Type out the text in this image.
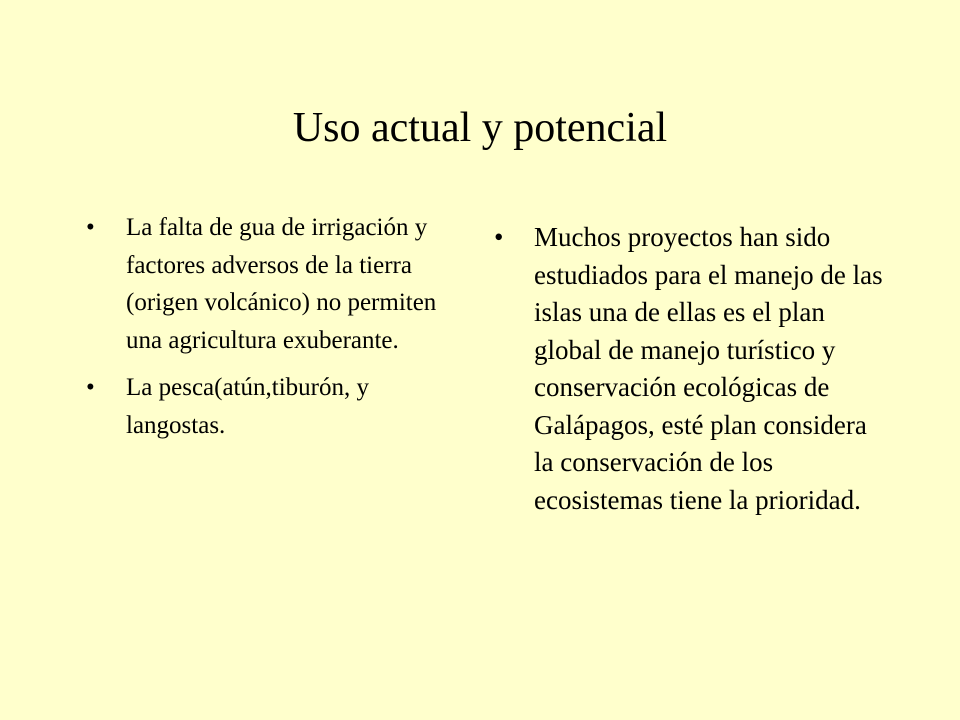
Uso actual y potencial
• La falta de gua de irrigación y factores adversos de la tierra (origen volcánico) no permiten una agricultura exuberante.
• La pesca(atún,tiburón, y langostas.
• Muchos proyectos han sido estudiados para el manejo de las islas una de ellas es el plan global de manejo turístico y conservación ecológicas de Galápagos, esté plan considera la conservación de los ecosistemas tiene la prioridad.
